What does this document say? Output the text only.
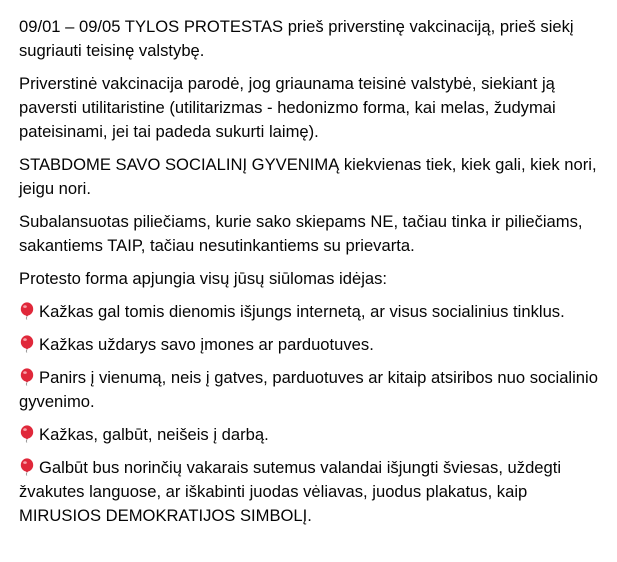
09/01 – 09/05 TYLOS PROTESTAS prieš priverstinę vakcinaciją, prieš siekį sugriauti teisinę valstybę.

Priverstinė vakcinacija parodė, jog griaunama teisinė valstybė, siekiant ją paversti utilitaristine (utilitarizmas - hedonizmo forma, kai melas, žudymai pateisinami, jei tai padeda sukurti laimę).

STABDOME SAVO SOCIALINĮ GYVENIMĄ kiekvienas tiek, kiek gali, kiek nori, jeigu nori.

Subalansuotas piliečiams, kurie sako skiepams NE, tačiau tinka ir piliečiams, sakantiems TAIP, tačiau nesutinkantiems su prievarta.

Protesto forma apjungia visų jūsų siūlomas idėjas:

Kažkas gal tomis dienomis išjungs internetą, ar visus socialinius tinklus.

Kažkas uždarys savo įmones ar parduotuves.

Panirs į vienumą, neis į gatves, parduotuves ar kitaip atsiribos nuo socialinio gyvenimo.

Kažkas, galbūt, neišeis į darbą.

Galbūt bus norinčių vakarais sutemus valandai išjungti šviesas, uždegti žvakutes languose, ar iškabinti juodas vėliavas, juodus plakatus, kaip MIRUSIOS DEMOKRATIJOS SIMBOLĮ.
